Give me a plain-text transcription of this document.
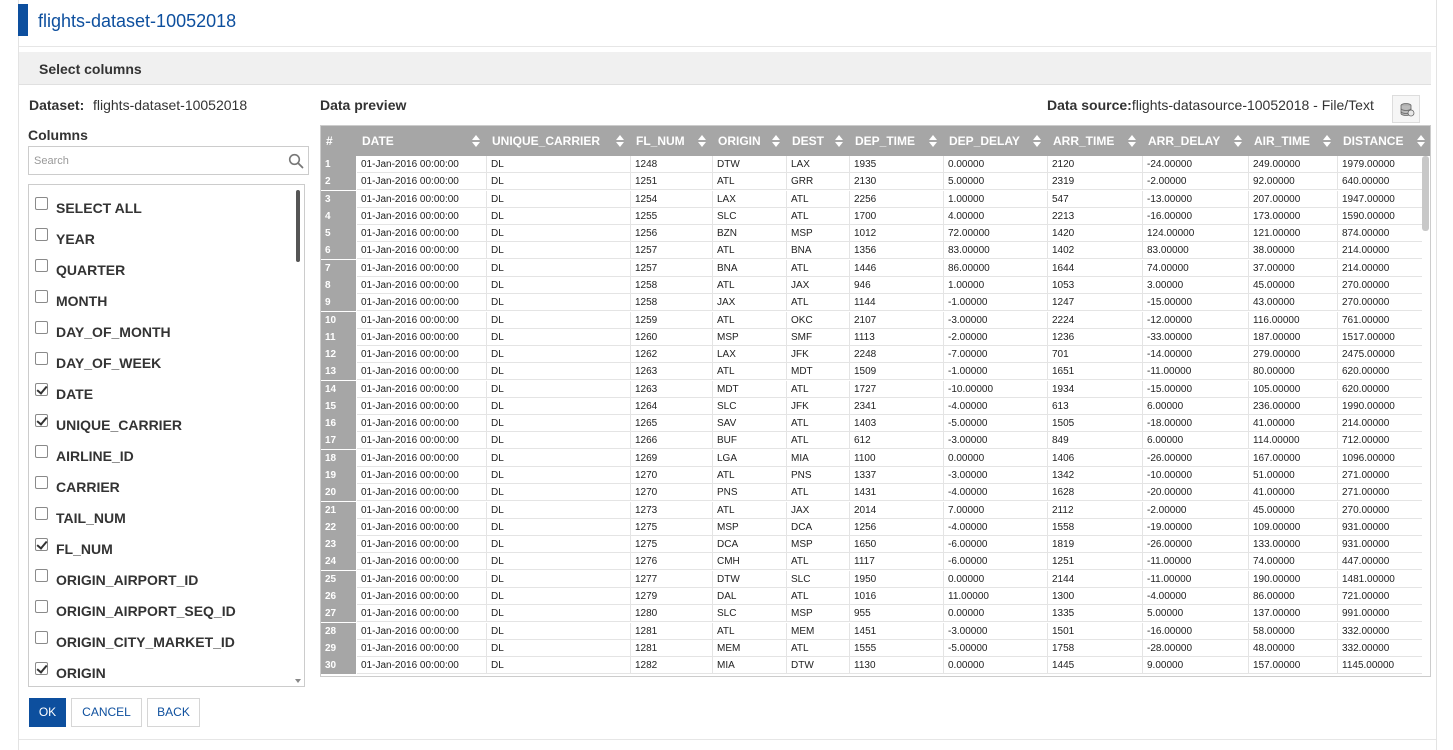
flights-dataset-10052018
Select columns
Dataset: flights-dataset-10052018
Columns
Search
SELECT ALL
YEAR
QUARTER
MONTH
DAY_OF_MONTH
DAY_OF_WEEK
DATE
UNIQUE_CARRIER
AIRLINE_ID
CARRIER
TAIL_NUM
FL_NUM
ORIGIN_AIRPORT_ID
ORIGIN_AIRPORT_SEQ_ID
ORIGIN_CITY_MARKET_ID
ORIGIN
OK	CANCEL	BACK
Data preview	Data source:flights-datasource-10052018 - File/Text
#	DATE	UNIQUE_CARRIER	FL_NUM	ORIGIN	DEST	DEP_TIME	DEP_DELAY	ARR_TIME	ARR_DELAY	AIR_TIME	DISTANCE
1	01-Jan-2016 00:00:00	DL	1248	DTW	LAX	1935	0.00000	2120	-24.00000	249.00000	1979.00000
2	01-Jan-2016 00:00:00	DL	1251	ATL	GRR	2130	5.00000	2319	-2.00000	92.00000	640.00000
3	01-Jan-2016 00:00:00	DL	1254	LAX	ATL	2256	1.00000	547	-13.00000	207.00000	1947.00000
4	01-Jan-2016 00:00:00	DL	1255	SLC	ATL	1700	4.00000	2213	-16.00000	173.00000	1590.00000
5	01-Jan-2016 00:00:00	DL	1256	BZN	MSP	1012	72.00000	1420	124.00000	121.00000	874.00000
6	01-Jan-2016 00:00:00	DL	1257	ATL	BNA	1356	83.00000	1402	83.00000	38.00000	214.00000
7	01-Jan-2016 00:00:00	DL	1257	BNA	ATL	1446	86.00000	1644	74.00000	37.00000	214.00000
8	01-Jan-2016 00:00:00	DL	1258	ATL	JAX	946	1.00000	1053	3.00000	45.00000	270.00000
9	01-Jan-2016 00:00:00	DL	1258	JAX	ATL	1144	-1.00000	1247	-15.00000	43.00000	270.00000
10	01-Jan-2016 00:00:00	DL	1259	ATL	OKC	2107	-3.00000	2224	-12.00000	116.00000	761.00000
11	01-Jan-2016 00:00:00	DL	1260	MSP	SMF	1113	-2.00000	1236	-33.00000	187.00000	1517.00000
12	01-Jan-2016 00:00:00	DL	1262	LAX	JFK	2248	-7.00000	701	-14.00000	279.00000	2475.00000
13	01-Jan-2016 00:00:00	DL	1263	ATL	MDT	1509	-1.00000	1651	-11.00000	80.00000	620.00000
14	01-Jan-2016 00:00:00	DL	1263	MDT	ATL	1727	-10.00000	1934	-15.00000	105.00000	620.00000
15	01-Jan-2016 00:00:00	DL	1264	SLC	JFK	2341	-4.00000	613	6.00000	236.00000	1990.00000
16	01-Jan-2016 00:00:00	DL	1265	SAV	ATL	1403	-5.00000	1505	-18.00000	41.00000	214.00000
17	01-Jan-2016 00:00:00	DL	1266	BUF	ATL	612	-3.00000	849	6.00000	114.00000	712.00000
18	01-Jan-2016 00:00:00	DL	1269	LGA	MIA	1100	0.00000	1406	-26.00000	167.00000	1096.00000
19	01-Jan-2016 00:00:00	DL	1270	ATL	PNS	1337	-3.00000	1342	-10.00000	51.00000	271.00000
20	01-Jan-2016 00:00:00	DL	1270	PNS	ATL	1431	-4.00000	1628	-20.00000	41.00000	271.00000
21	01-Jan-2016 00:00:00	DL	1273	ATL	JAX	2014	7.00000	2112	-2.00000	45.00000	270.00000
22	01-Jan-2016 00:00:00	DL	1275	MSP	DCA	1256	-4.00000	1558	-19.00000	109.00000	931.00000
23	01-Jan-2016 00:00:00	DL	1275	DCA	MSP	1650	-6.00000	1819	-26.00000	133.00000	931.00000
24	01-Jan-2016 00:00:00	DL	1276	CMH	ATL	1117	-6.00000	1251	-11.00000	74.00000	447.00000
25	01-Jan-2016 00:00:00	DL	1277	DTW	SLC	1950	0.00000	2144	-11.00000	190.00000	1481.00000
26	01-Jan-2016 00:00:00	DL	1279	DAL	ATL	1016	11.00000	1300	-4.00000	86.00000	721.00000
27	01-Jan-2016 00:00:00	DL	1280	SLC	MSP	955	0.00000	1335	5.00000	137.00000	991.00000
28	01-Jan-2016 00:00:00	DL	1281	ATL	MEM	1451	-3.00000	1501	-16.00000	58.00000	332.00000
29	01-Jan-2016 00:00:00	DL	1281	MEM	ATL	1555	-5.00000	1758	-28.00000	48.00000	332.00000
30	01-Jan-2016 00:00:00	DL	1282	MIA	DTW	1130	0.00000	1445	9.00000	157.00000	1145.00000
